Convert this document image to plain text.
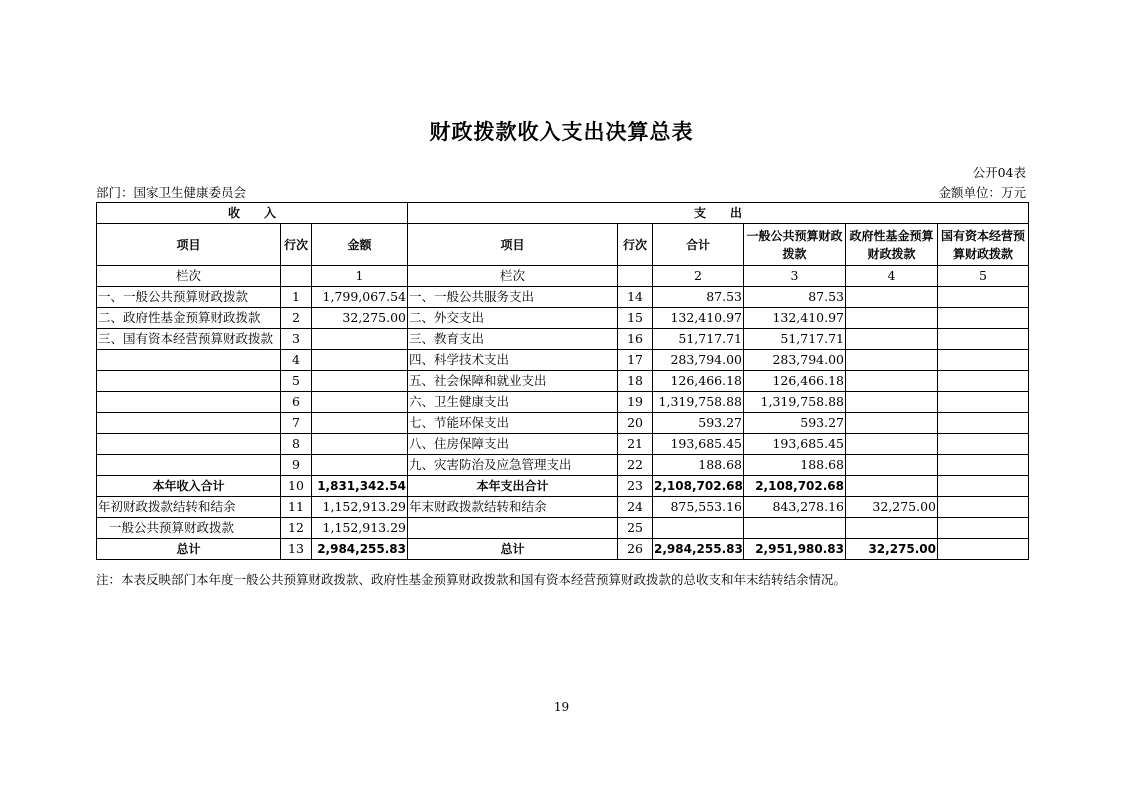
财政拨款收入支出决算总表
公开04表
部门：国家卫生健康委员会	金额单位：万元
收　　入			支　　出					
项目	行次	金额	项目	行次	合计	一般公共预算财政拨款	政府性基金预算财政拨款	国有资本经营预算财政拨款
栏次		1	栏次		2	3	4	5
一、一般公共预算财政拨款	1	1,799,067.54	一、一般公共服务支出	14	87.53	87.53		
二、政府性基金预算财政拨款	2	32,275.00	二、外交支出	15	132,410.97	132,410.97		
三、国有资本经营预算财政拨款	3		三、教育支出	16	51,717.71	51,717.71		
	4		四、科学技术支出	17	283,794.00	283,794.00		
	5		五、社会保障和就业支出	18	126,466.18	126,466.18		
	6		六、卫生健康支出	19	1,319,758.88	1,319,758.88		
	7		七、节能环保支出	20	593.27	593.27		
	8		八、住房保障支出	21	193,685.45	193,685.45		
	9		九、灾害防治及应急管理支出	22	188.68	188.68		
本年收入合计	10	1,831,342.54	本年支出合计	23	2,108,702.68	2,108,702.68		
年初财政拨款结转和结余	11	1,152,913.29	年末财政拨款结转和结余	24	875,553.16	843,278.16	32,275.00	
一般公共预算财政拨款	12	1,152,913.29		25				
总计	13	2,984,255.83	总计	26	2,984,255.83	2,951,980.83	32,275.00	
注：本表反映部门本年度一般公共预算财政拨款、政府性基金预算财政拨款和国有资本经营预算财政拨款的总收支和年末结转结余情况。
19
